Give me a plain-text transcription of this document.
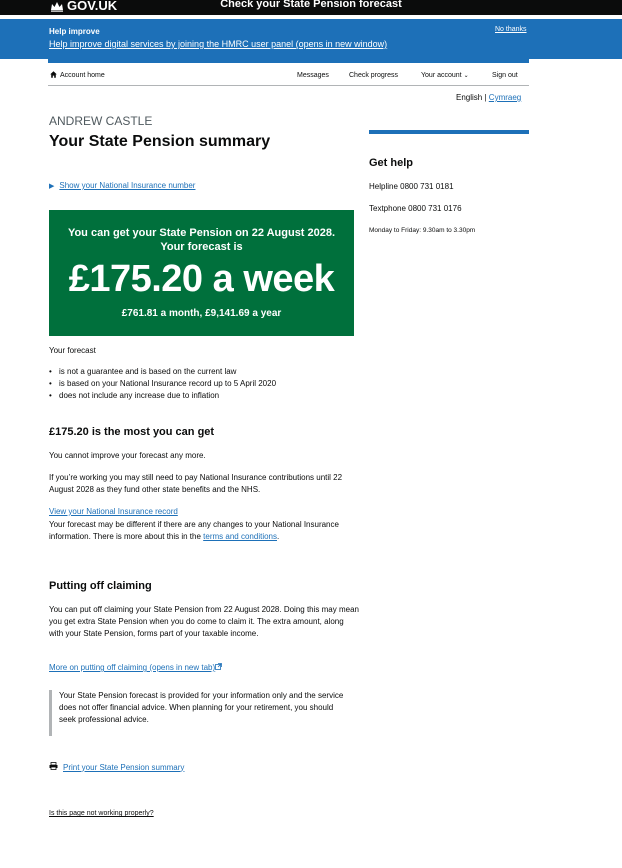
GOV.UK	Check your State Pension forecast
Help improve
Help improve digital services by joining the HMRC user panel (opens in new window)
No thanks
Account home	Messages	Check progress	Your account ⌄	Sign out
English | Cymraeg
ANDREW CASTLE
Your State Pension summary
▶ Show your National Insurance number
You can get your State Pension on 22 August 2028.
Your forecast is
£175.20 a week
£761.81 a month, £9,141.69 a year

Your forecast

• is not a guarantee and is based on the current law
• is based on your National Insurance record up to 5 April 2020
• does not include any increase due to inflation
£175.20 is the most you can get

You cannot improve your forecast any more.

If you’re working you may still need to pay National Insurance contributions until 22 August 2028 as they fund other state benefits and the NHS.

View your National Insurance record

Your forecast may be different if there are any changes to your National Insurance information. There is more about this in the terms and conditions.

Putting off claiming

You can put off claiming your State Pension from 22 August 2028. Doing this may mean you get extra State Pension when you do come to claim it. The extra amount, along with your State Pension, forms part of your taxable income.

More on putting off claiming (opens in new tab)
Your State Pension forecast is provided for your information only and the service does not offer financial advice. When planning for your retirement, you should seek professional advice.
Print your State Pension summary
Is this page not working properly?
Get help

Helpline 0800 731 0181

Textphone 0800 731 0176

Monday to Friday: 9.30am to 3.30pm
